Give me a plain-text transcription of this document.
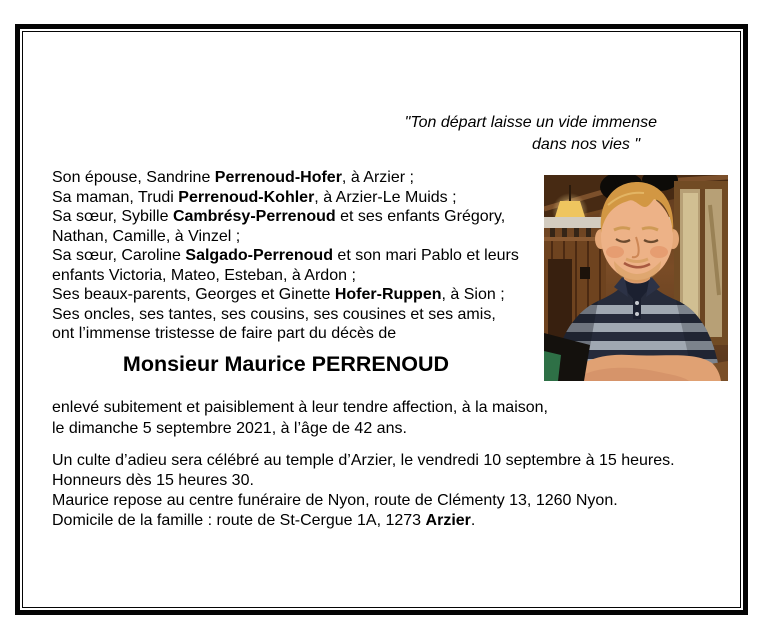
"Ton départ laisse un vide immense
dans nos vies "
Son épouse, Sandrine Perrenoud-Hofer, à Arzier ;
Sa maman, Trudi Perrenoud-Kohler, à Arzier-Le Muids ;
Sa sœur, Sybille Cambrésy-Perrenoud et ses enfants Grégory,
Nathan, Camille, à Vinzel ;
Sa sœur, Caroline Salgado-Perrenoud et son mari Pablo et leurs
enfants Victoria, Mateo, Esteban, à Ardon ;
Ses beaux-parents, Georges et Ginette Hofer-Ruppen, à Sion ;
Ses oncles, ses tantes, ses cousins, ses cousines et ses amis,
ont l’immense tristesse de faire part du décès de
Monsieur Maurice PERRENOUD
enlevé subitement et paisiblement à leur tendre affection, à la maison,
le dimanche 5 septembre 2021, à l’âge de 42 ans.
Un culte d’adieu sera célébré au temple d’Arzier, le vendredi 10 septembre à 15 heures.
Honneurs dès 15 heures 30.
Maurice repose au centre funéraire de Nyon, route de Clémenty 13, 1260 Nyon.
Domicile de la famille : route de St-Cergue 1A, 1273 Arzier.
